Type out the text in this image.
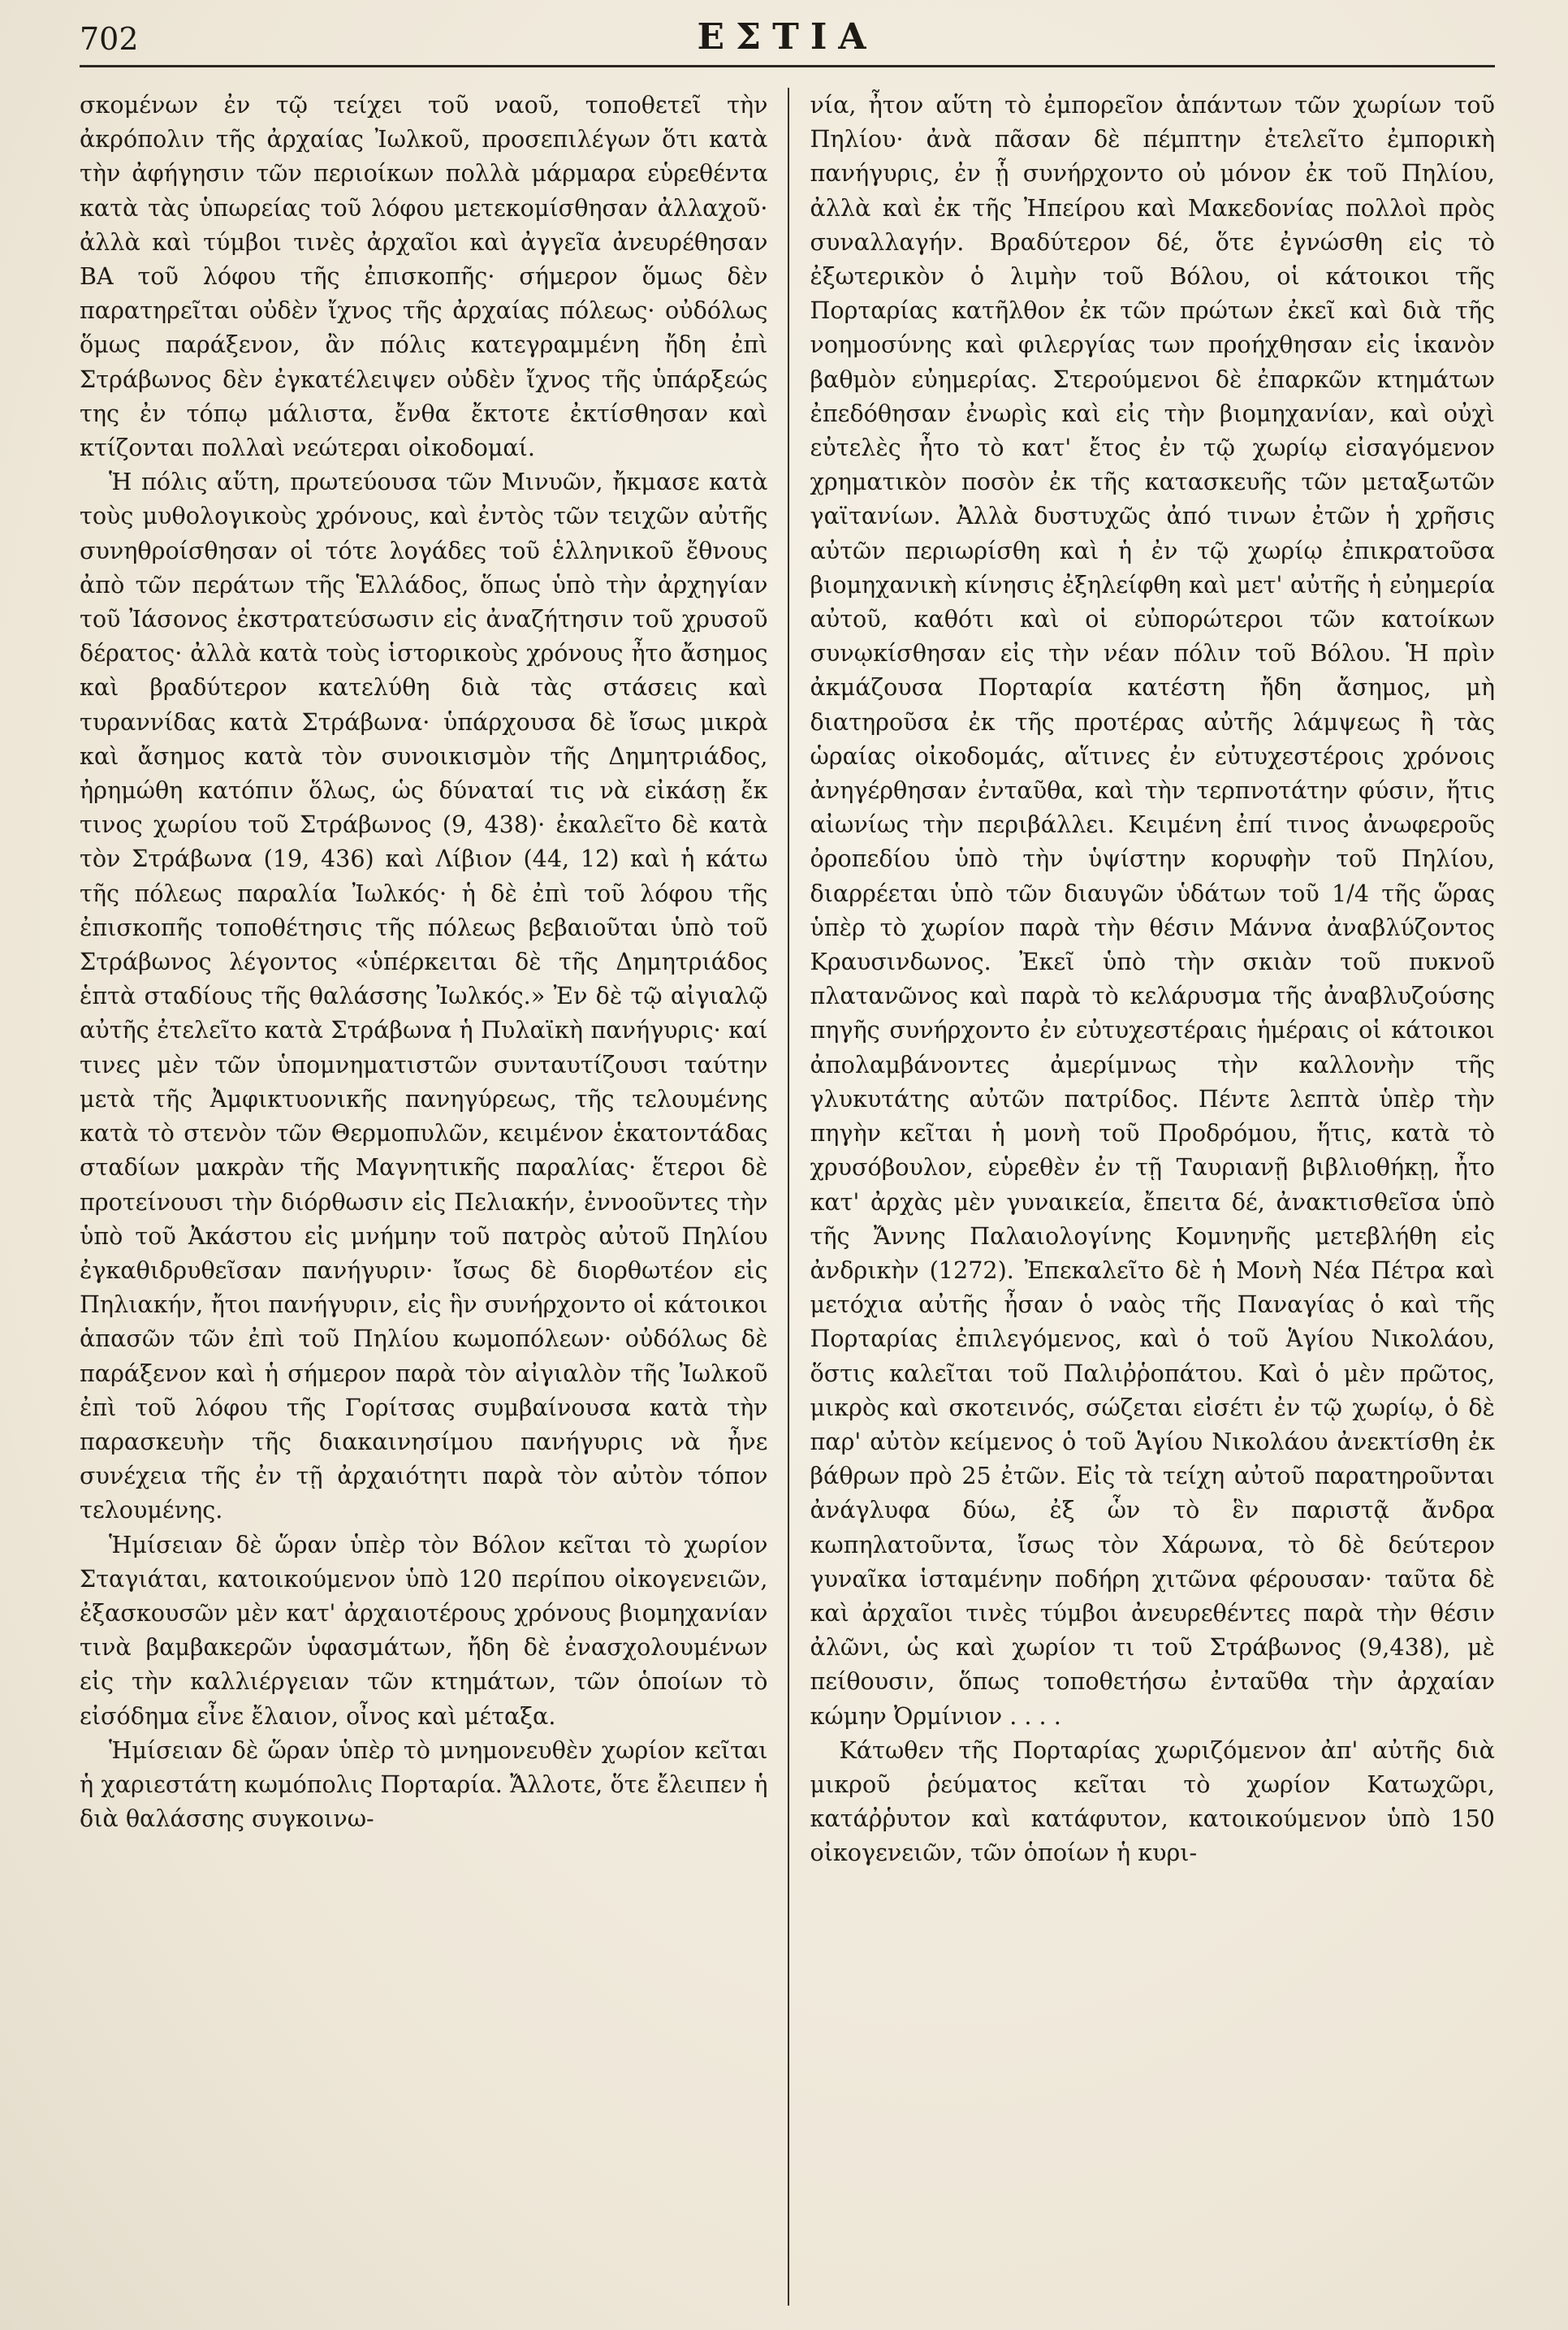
702	ΕΣΤΙΑ

σκομένων ἐν τῷ τείχει τοῦ ναοῦ, τοποθετεῖ τὴν ἀκρόπολιν τῆς ἀρχαίας Ἰωλκοῦ, προσεπιλέγων ὅτι κατὰ τὴν ἀφήγησιν τῶν περιοίκων πολλὰ μάρμαρα εὑρεθέντα κατὰ τὰς ὑπωρείας τοῦ λόφου μετεκομίσθησαν ἀλλαχοῦ· ἀλλὰ καὶ τύμβοι τινὲς ἀρχαῖοι καὶ ἀγγεῖα ἀνευρέθησαν ΒΑ τοῦ λόφου τῆς ἐπισκοπῆς· σήμερον ὅμως δὲν παρατηρεῖται οὐδὲν ἴχνος τῆς ἀρχαίας πόλεως· οὐδόλως ὅμως παράξενον, ἂν πόλις κατεγραμμένη ἤδη ἐπὶ Στράβωνος δὲν ἐγκατέλειψεν οὐδὲν ἴχνος τῆς ὑπάρξεώς της ἐν τόπῳ μάλιστα, ἔνθα ἔκτοτε ἐκτίσθησαν καὶ κτίζονται πολλαὶ νεώτεραι οἰκοδομαί.

Ἡ πόλις αὕτη, πρωτεύουσα τῶν Μινυῶν, ἤκμασε κατὰ τοὺς μυθολογικοὺς χρόνους, καὶ ἐντὸς τῶν τειχῶν αὐτῆς συνηθροίσθησαν οἱ τότε λογάδες τοῦ ἑλληνικοῦ ἔθνους ἀπὸ τῶν περάτων τῆς Ἑλλάδος, ὅπως ὑπὸ τὴν ἀρχηγίαν τοῦ Ἰάσονος ἐκστρατεύσωσιν εἰς ἀναζήτησιν τοῦ χρυσοῦ δέρατος· ἀλλὰ κατὰ τοὺς ἱστορικοὺς χρόνους ἦτο ἄσημος καὶ βραδύτερον κατελύθη διὰ τὰς στάσεις καὶ τυραννίδας κατὰ Στράβωνα· ὑπάρχουσα δὲ ἴσως μικρὰ καὶ ἄσημος κατὰ τὸν συνοικισμὸν τῆς Δημητριάδος, ἠρημώθη κατόπιν ὅλως, ὡς δύναταί τις νὰ εἰκάσῃ ἔκ τινος χωρίου τοῦ Στράβωνος (9, 438)· ἐκαλεῖτο δὲ κατὰ τὸν Στράβωνα (19, 436) καὶ Λίβιον (44, 12) καὶ ἡ κάτω τῆς πόλεως παραλία Ἰωλκός· ἡ δὲ ἐπὶ τοῦ λόφου τῆς ἐπισκοπῆς τοποθέτησις τῆς πόλεως βεβαιοῦται ὑπὸ τοῦ Στράβωνος λέγοντος «ὑπέρκειται δὲ τῆς Δημητριάδος ἑπτὰ σταδίους τῆς θαλάσσης Ἰωλκός.» Ἐν δὲ τῷ αἰγιαλῷ αὐτῆς ἐτελεῖτο κατὰ Στράβωνα ἡ Πυλαϊκὴ πανήγυρις· καί τινες μὲν τῶν ὑπομνηματιστῶν συνταυτίζουσι ταύτην μετὰ τῆς Ἀμφικτυονικῆς πανηγύρεως, τῆς τελουμένης κατὰ τὸ στενὸν τῶν Θερμοπυλῶν, κειμένον ἑκατοντάδας σταδίων μακρὰν τῆς Μαγνητικῆς παραλίας· ἕτεροι δὲ προτείνουσι τὴν διόρθωσιν εἰς Πελιακήν, ἐννοοῦντες τὴν ὑπὸ τοῦ Ἀκάστου εἰς μνήμην τοῦ πατρὸς αὐτοῦ Πηλίου ἐγκαθιδρυθεῖσαν πανήγυριν· ἴσως δὲ διορθωτέον εἰς Πηλιακήν, ἤτοι πανήγυριν, εἰς ἣν συνήρχοντο οἱ κάτοικοι ἁπασῶν τῶν ἐπὶ τοῦ Πηλίου κωμοπόλεων· οὐδόλως δὲ παράξενον καὶ ἡ σήμερον παρὰ τὸν αἰγιαλὸν τῆς Ἰωλκοῦ ἐπὶ τοῦ λόφου τῆς Γορίτσας συμβαίνουσα κατὰ τὴν παρασκευὴν τῆς διακαινησίμου πανήγυρις νὰ ἦνε συνέχεια τῆς ἐν τῇ ἀρχαιότητι παρὰ τὸν αὐτὸν τόπον τελουμένης.

Ἡμίσειαν δὲ ὥραν ὑπὲρ τὸν Βόλον κεῖται τὸ χωρίον Σταγιάται, κατοικούμενον ὑπὸ 120 περίπου οἰκογενειῶν, ἐξασκουσῶν μὲν κατ' ἀρχαιοτέρους χρόνους βιομηχανίαν τινὰ βαμβακερῶν ὑφασμάτων, ἤδη δὲ ἐνασχολουμένων εἰς τὴν καλλιέργειαν τῶν κτημάτων, τῶν ὁποίων τὸ εἰσόδημα εἶνε ἔλαιον, οἶνος καὶ μέταξα.

Ἡμίσειαν δὲ ὥραν ὑπὲρ τὸ μνημονευθὲν χωρίον κεῖται ἡ χαριεστάτη κωμόπολις Πορταρία. Ἄλλοτε, ὅτε ἔλειπεν ἡ διὰ θαλάσσης συγκοινω-

νία, ἦτον αὕτη τὸ ἐμπορεῖον ἁπάντων τῶν χωρίων τοῦ Πηλίου· ἀνὰ πᾶσαν δὲ πέμπτην ἐτελεῖτο ἐμπορικὴ πανήγυρις, ἐν ᾗ συνήρχοντο οὐ μόνον ἐκ τοῦ Πηλίου, ἀλλὰ καὶ ἐκ τῆς Ἠπείρου καὶ Μακεδονίας πολλοὶ πρὸς συναλλαγήν. Βραδύτερον δέ, ὅτε ἐγνώσθη εἰς τὸ ἐξωτερικὸν ὁ λιμὴν τοῦ Βόλου, οἱ κάτοικοι τῆς Πορταρίας κατῆλθον ἐκ τῶν πρώτων ἐκεῖ καὶ διὰ τῆς νοημοσύνης καὶ φιλεργίας των προήχθησαν εἰς ἱκανὸν βαθμὸν εὐημερίας. Στερούμενοι δὲ ἐπαρκῶν κτημάτων ἐπεδόθησαν ἐνωρὶς καὶ εἰς τὴν βιομηχανίαν, καὶ οὐχὶ εὐτελὲς ἦτο τὸ κατ' ἔτος ἐν τῷ χωρίῳ εἰσαγόμενον χρηματικὸν ποσὸν ἐκ τῆς κατασκευῆς τῶν μεταξωτῶν γαϊτανίων. Ἀλλὰ δυστυχῶς ἀπό τινων ἐτῶν ἡ χρῆσις αὐτῶν περιωρίσθη καὶ ἡ ἐν τῷ χωρίῳ ἐπικρατοῦσα βιομηχανικὴ κίνησις ἐξηλείφθη καὶ μετ' αὐτῆς ἡ εὐημερία αὐτοῦ, καθότι καὶ οἱ εὐπορώτεροι τῶν κατοίκων συνῳκίσθησαν εἰς τὴν νέαν πόλιν τοῦ Βόλου. Ἡ πρὶν ἀκμάζουσα Πορταρία κατέστη ἤδη ἄσημος, μὴ διατηροῦσα ἐκ τῆς προτέρας αὐτῆς λάμψεως ἢ τὰς ὡραίας οἰκοδομάς, αἵτινες ἐν εὐτυχεστέροις χρόνοις ἀνηγέρθησαν ἐνταῦθα, καὶ τὴν τερπνοτάτην φύσιν, ἥτις αἰωνίως τὴν περιβάλλει. Κειμένη ἐπί τινος ἀνωφεροῦς ὀροπεδίου ὑπὸ τὴν ὑψίστην κορυφὴν τοῦ Πηλίου, διαρρέεται ὑπὸ τῶν διαυγῶν ὑδάτων τοῦ 1/4 τῆς ὥρας ὑπὲρ τὸ χωρίον παρὰ τὴν θέσιν Μάννα ἀναβλύζοντος Κραυσινδωνος. Ἐκεῖ ὑπὸ τὴν σκιὰν τοῦ πυκνοῦ πλατανῶνος καὶ παρὰ τὸ κελάρυσμα τῆς ἀναβλυζούσης πηγῆς συνήρχοντο ἐν εὐτυχεστέραις ἡμέραις οἱ κάτοικοι ἀπολαμβάνοντες ἀμερίμνως τὴν καλλονὴν τῆς γλυκυτάτης αὐτῶν πατρίδος. Πέντε λεπτὰ ὑπὲρ τὴν πηγὴν κεῖται ἡ μονὴ τοῦ Προδρόμου, ἥτις, κατὰ τὸ χρυσόβουλον, εὑρεθὲν ἐν τῇ Ταυριανῇ βιβλιοθήκῃ, ἦτο κατ' ἀρχὰς μὲν γυναικεία, ἔπειτα δέ, ἀνακτισθεῖσα ὑπὸ τῆς Ἄννης Παλαιολογίνης Κομνηνῆς μετεβλήθη εἰς ἀνδρικὴν (1272). Ἐπεκαλεῖτο δὲ ἡ Μονὴ Νέα Πέτρα καὶ μετόχια αὐτῆς ἦσαν ὁ ναὸς τῆς Παναγίας ὁ καὶ τῆς Πορταρίας ἐπιλεγόμενος, καὶ ὁ τοῦ Ἁγίου Νικολάου, ὅστις καλεῖται τοῦ Παλιῤῥοπάτου. Καὶ ὁ μὲν πρῶτος, μικρὸς καὶ σκοτεινός, σώζεται εἰσέτι ἐν τῷ χωρίῳ, ὁ δὲ παρ' αὐτὸν κείμενος ὁ τοῦ Ἁγίου Νικολάου ἀνεκτίσθη ἐκ βάθρων πρὸ 25 ἐτῶν. Εἰς τὰ τείχη αὐτοῦ παρατηροῦνται ἀνάγλυφα δύω, ἐξ ὧν τὸ ἓν παριστᾷ ἄνδρα κωπηλατοῦντα, ἴσως τὸν Χάρωνα, τὸ δὲ δεύτερον γυναῖκα ἱσταμένην ποδήρη χιτῶνα φέρουσαν· ταῦτα δὲ καὶ ἀρχαῖοι τινὲς τύμβοι ἀνευρεθέντες παρὰ τὴν θέσιν ἀλῶνι, ὡς καὶ χωρίον τι τοῦ Στράβωνος (9,438), μὲ πείθουσιν, ὅπως τοποθετήσω ἐνταῦθα τὴν ἀρχαίαν κώμην Ὀρμίνιον . . . .

Κάτωθεν τῆς Πορταρίας χωριζόμενον ἀπ' αὐτῆς διὰ μικροῦ ῥεύματος κεῖται τὸ χωρίον Κατωχῶρι, κατάῤῥυτον καὶ κατάφυτον, κατοικούμενον ὑπὸ 150 οἰκογενειῶν, τῶν ὁποίων ἡ κυρι-
